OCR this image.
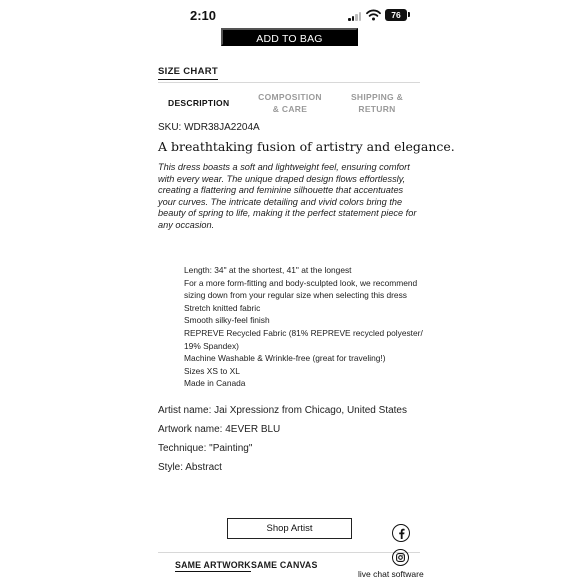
2:10	76
ADD TO BAG
SIZE CHART
DESCRIPTION
COMPOSITION
& CARE
SHIPPING &
RETURN
SKU: WDR38JA2204A
A breathtaking fusion of artistry and elegance.

This dress boasts a soft and lightweight feel, ensuring comfort with every wear. The unique draped design flows effortlessly, creating a flattering and feminine silhouette that accentuates your curves. The intricate detailing and vivid colors bring the beauty of spring to life, making it the perfect statement piece for any occasion.

Length: 34" at the shortest, 41" at the longest
For a more form-fitting and body-sculpted look, we recommend sizing down from your regular size when selecting this dress
Stretch knitted fabric
Smooth silky-feel finish
REPREVE Recycled Fabric (81% REPREVE recycled polyester/ 19% Spandex)
Machine Washable & Wrinkle-free (great for traveling!)
Sizes XS to XL
Made in Canada
Artist name: Jai Xpressionz from Chicago, United States
Artwork name: 4EVER BLU
Technique: "Painting"
Style: Abstract
Shop Artist
SAME ARTWORK SAME CANVAS
live chat software
